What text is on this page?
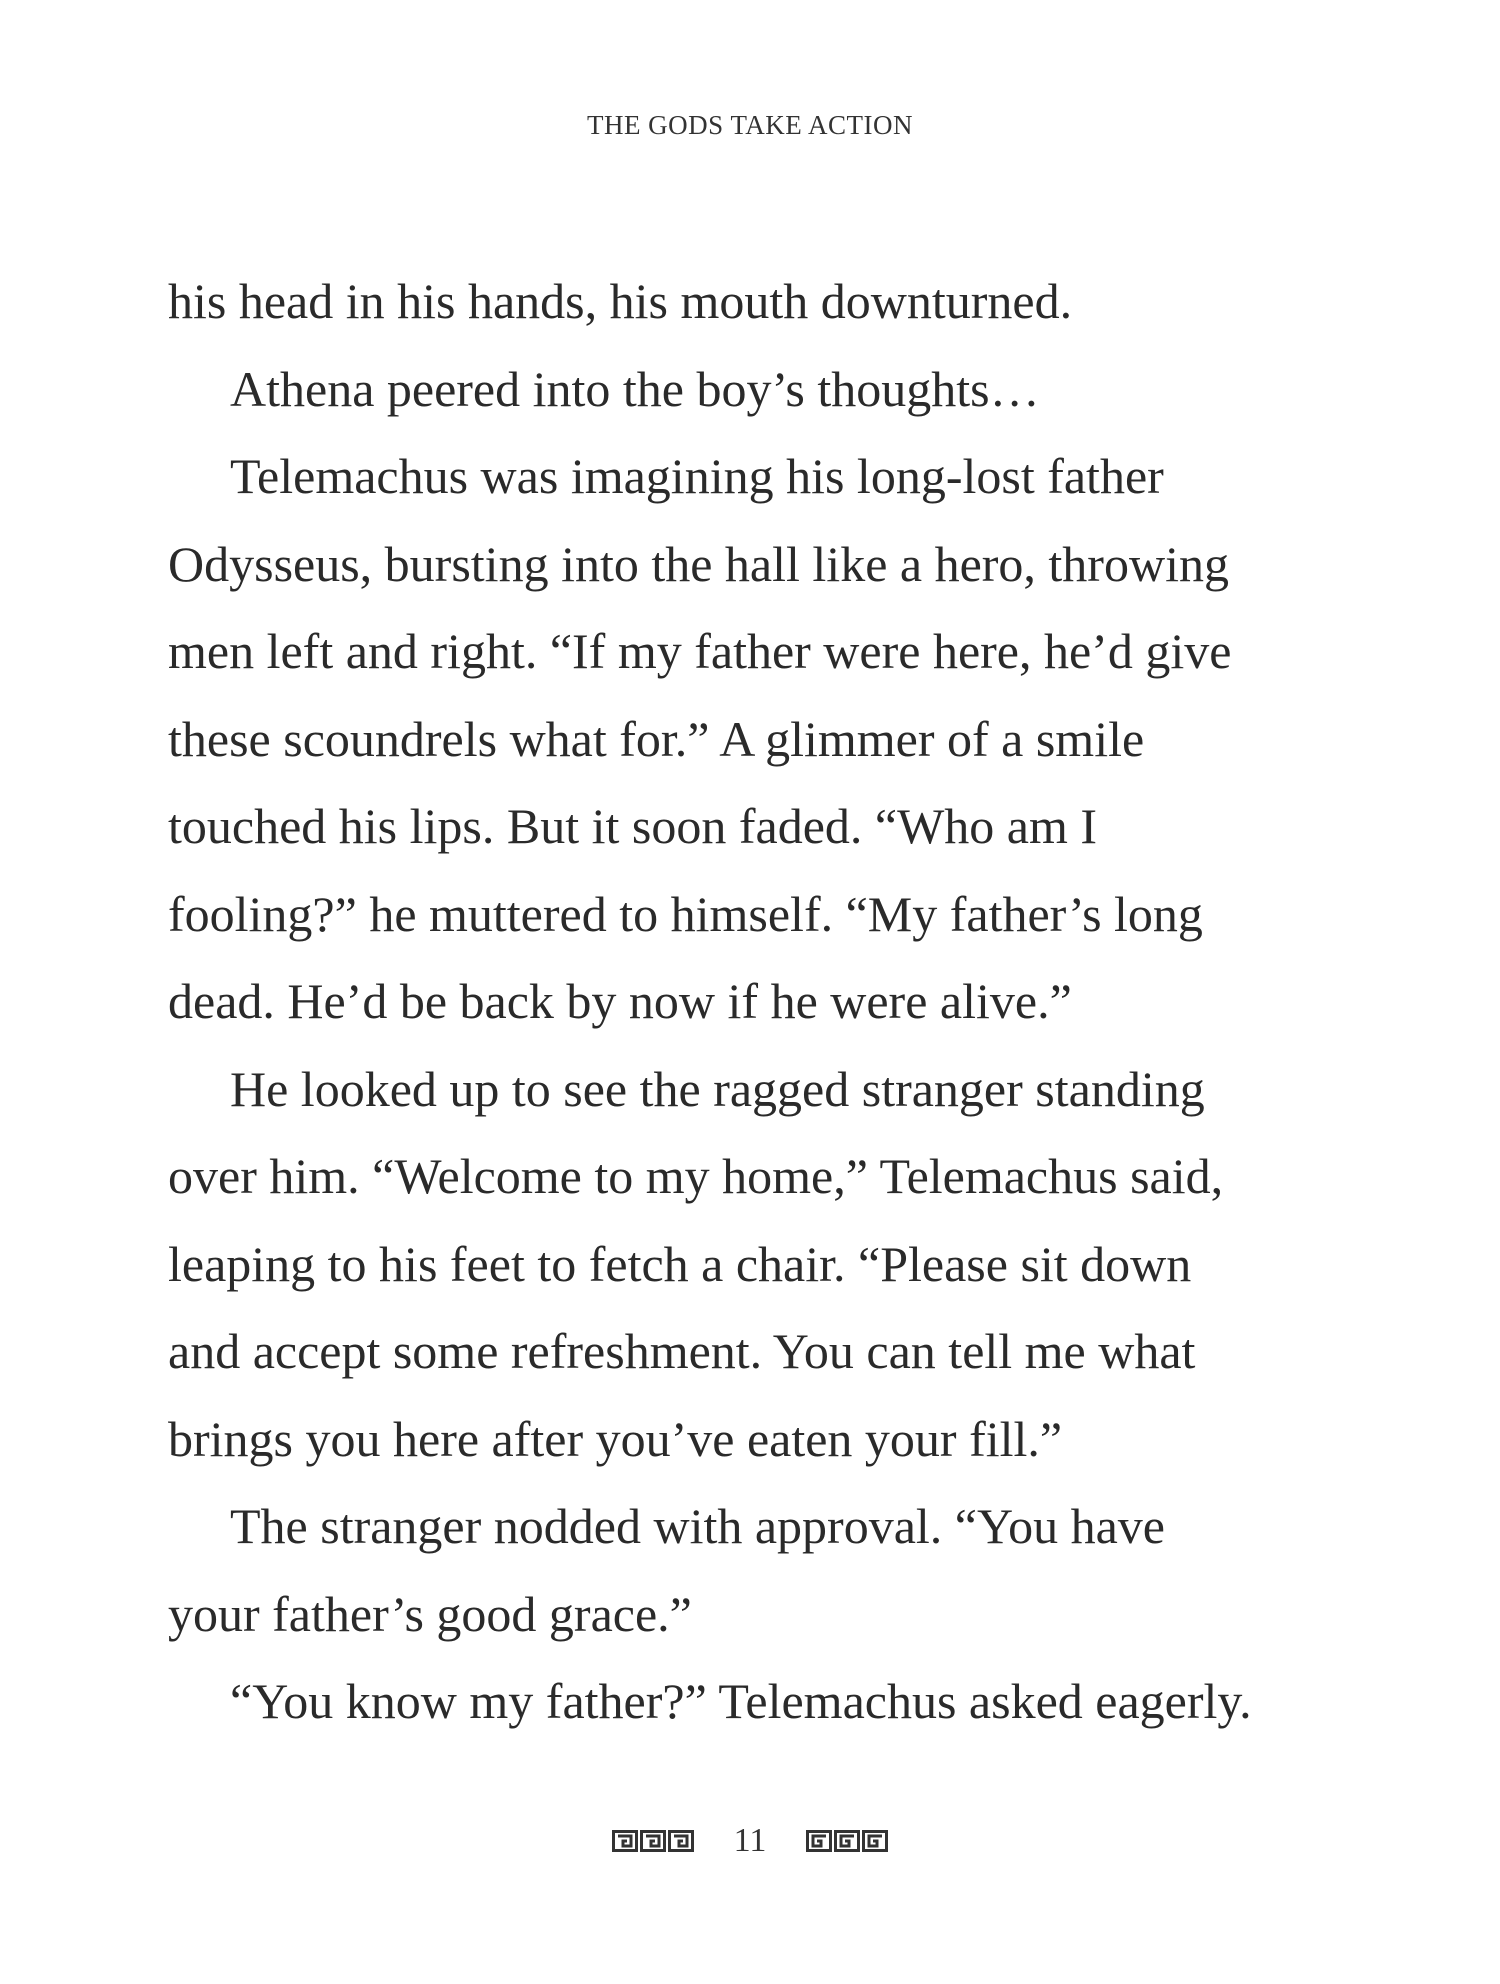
THE GODS TAKE ACTION
his head in his hands, his mouth downturned.
Athena peered into the boy’s thoughts…
Telemachus was imagining his long-lost father
Odysseus, bursting into the hall like a hero, throwing
men left and right. “If my father were here, he’d give
these scoundrels what for.” A glimmer of a smile
touched his lips. But it soon faded. “Who am I
fooling?” he muttered to himself. “My father’s long
dead. He’d be back by now if he were alive.”
He looked up to see the ragged stranger standing
over him. “Welcome to my home,” Telemachus said,
leaping to his feet to fetch a chair. “Please sit down
and accept some refreshment. You can tell me what
brings you here after you’ve eaten your fill.”
The stranger nodded with approval. “You have
your father’s good grace.”
“You know my father?” Telemachus asked eagerly.
11
